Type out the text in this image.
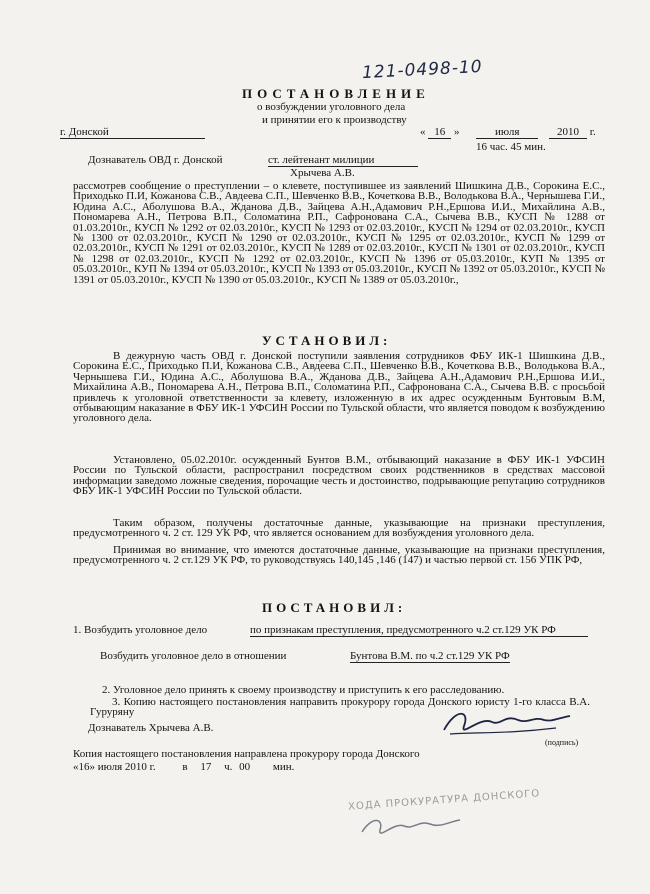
121-0498-10
ПОСТАНОВЛЕНИЕ
о возбуждении уголовного дела
и принятии его к производству
г. Донской	« 16 »	июля	2010 г.
16 час. 45 мин.
Дознаватель ОВД г. Донской	ст. лейтенант милиции
Хрычева А.В.
рассмотрев сообщение о преступлении – о клевете, поступившее из заявлений Шишкина Д.В., Сорокина Е.С., Приходько П.И, Кожанова С.В., Авдеева С.П., Шевченко В.В., Кочеткова В.В., Володькова В.А., Чернышева Г.И., Юдина А.С., Аболушова В.А., Жданова Д.В., Зайцева А.Н.,Адамович Р.Н.,Ершова И.И., Михайлина А.В., Пономарева А.Н., Петрова В.П., Соломатина Р.П., Сафронована С.А., Сычева В.В., КУСП № 1288 от 01.03.2010г., КУСП № 1292 от 02.03.2010г., КУСП № 1293 от 02.03.2010г., КУСП № 1294 от 02.03.2010г., КУСП № 1300 от 02.03.2010г., КУСП № 1290 от 02.03.2010г., КУСП № 1295 от 02.03.2010г., КУСП № 1299 от 02.03.2010г., КУСП № 1291 от 02.03.2010г., КУСП № 1289 от 02.03.2010г., КУСП № 1301 от 02.03.2010г., КУСП № 1298 от 02.03.2010г., КУСП № 1292 от 02.03.2010г., КУСП № 1396 от 05.03.2010г., КУП № 1395 от 05.03.2010г., КУП № 1394 от 05.03.2010г., КУСП № 1393 от 05.03.2010г., КУСП № 1392 от 05.03.2010г., КУСП № 1391 от 05.03.2010г., КУСП № 1390 от 05.03.2010г., КУСП № 1389 от 05.03.2010г.,
УСТАНОВИЛ:
В дежурную часть ОВД г. Донской поступили заявления сотрудников ФБУ ИК-1 Шишкина Д.В., Сорокина Е.С., Приходько П.И, Кожанова С.В., Авдеева С.П., Шевченко В.В., Кочеткова В.В., Володькова В.А., Чернышева Г.И., Юдина А.С., Аболушова В.А., Жданова Д.В., Зайцева А.Н.,Адамович Р.Н.,Ершова И.И., Михайлина А.В., Пономарева А.Н., Петрова В.П., Соломатина Р.П., Сафронована С.А., Сычева В.В. с просьбой привлечь к уголовной ответственности за клевету, изложенную в их адрес осужденным Бунтовым В.М, отбывающим наказание в ФБУ ИК-1 УФСИН России по Тульской области, что является поводом к возбуждению уголовного дела.
Установлено, 05.02.2010г. осужденный Бунтов В.М., отбывающий наказание в ФБУ ИК-1 УФСИН России по Тульской области, распространил посредством своих родственников в средствах массовой информации заведомо ложные сведения, порочащие честь и достоинство, подрывающие репутацию сотрудников ФБУ ИК-1 УФСИН России по Тульской области.
Таким образом, получены достаточные данные, указывающие на признаки преступления, предусмотренного ч. 2 ст. 129 УК РФ, что является основанием для возбуждения уголовного дела.
Принимая во внимание, что имеются достаточные данные, указывающие на признаки преступления, предусмотренного ч. 2 ст.129 УК РФ, то руководствуясь 140,145 ,146 (147) и частью первой ст. 156 УПК РФ,
ПОСТАНОВИЛ:
1. Возбудить уголовное дело	по признакам преступления, предусмотренного ч.2 ст.129 УК РФ
Возбудить уголовное дело в отношении	Бунтова В.М. по ч.2 ст.129 УК РФ
2. Уголовное дело принять к своему производству и приступить к его расследованию.
3. Копию настоящего постановления направить прокурору города Донского юристу 1-го класса В.А. Гуруряну
Дознаватель Хрычева А.В.
(подпись)
Копия настоящего постановления направлена прокурору города Донского
«16» июля 2010 г. в 17 ч. 00 мин.
ХОДА ПРОКУРАТУРА ДОНСКОГО
